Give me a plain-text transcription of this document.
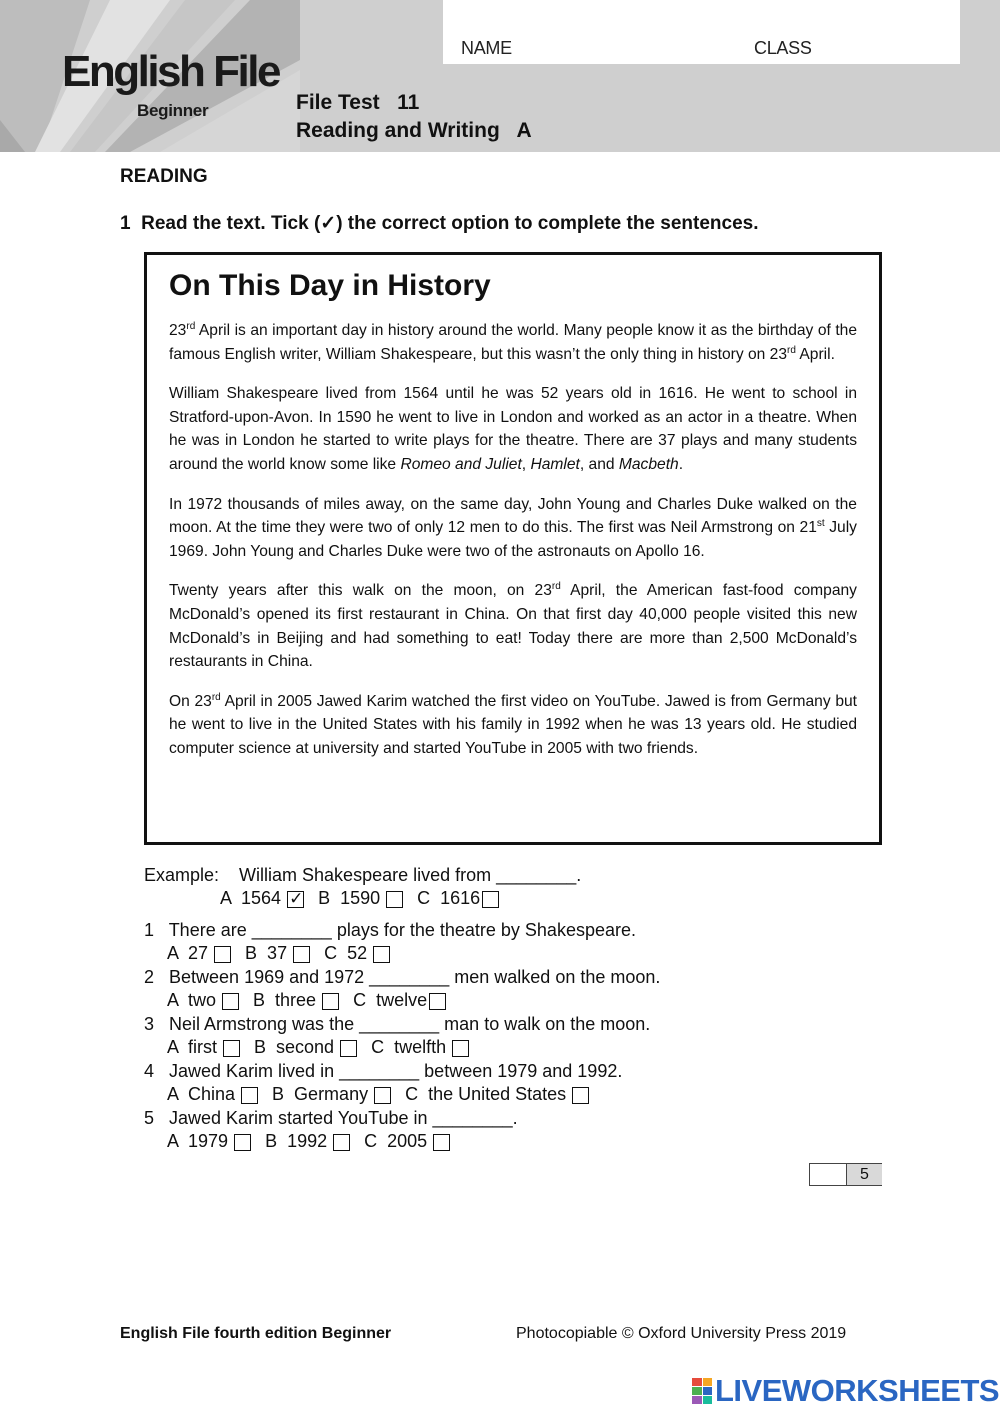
English File
Beginner
NAME	CLASS
File Test   11
Reading and Writing   A
READING
1  Read the text. Tick (✓) the correct option to complete the sentences.
On This Day in History

23rd April is an important day in history around the world. Many people know it as the birthday of the famous English writer, William Shakespeare, but this wasn’t the only thing in history on 23rd April.

William Shakespeare lived from 1564 until he was 52 years old in 1616. He went to school in Stratford-upon-Avon. In 1590 he went to live in London and worked as an actor in a theatre. When he was in London he started to write plays for the theatre. There are 37 plays and many students around the world know some like Romeo and Juliet, Hamlet, and Macbeth.

In 1972 thousands of miles away, on the same day, John Young and Charles Duke walked on the moon. At the time they were two of only 12 men to do this. The first was Neil Armstrong on 21st July 1969. John Young and Charles Duke were two of the astronauts on Apollo 16.

Twenty years after this walk on the moon, on 23rd April, the American fast-food company McDonald’s opened its first restaurant in China. On that first day 40,000 people visited this new McDonald’s in Beijing and had something to eat! Today there are more than 2,500 McDonald’s restaurants in China.

On 23rd April in 2005 Jawed Karim watched the first video on YouTube. Jawed is from Germany but he went to live in the United States with his family in 1992 when he was 13 years old. He studied computer science at university and started YouTube in 2005 with two friends.

Example:    William Shakespeare lived from ________.
A  1564
✓ B  1590 C  1616
1   There are ________ plays for the theatre by Shakespeare.
A  27 B  37 C  52
2   Between 1969 and 1972 ________ men walked on the moon.
A  two B  three C  twelve
3   Neil Armstrong was the ________ man to walk on the moon.
A  first B  second C  twelfth
4   Jawed Karim lived in ________ between 1979 and 1992.
A  China B  Germany C  the United States
5   Jawed Karim started YouTube in ________.
A  1979 B  1992 C  2005
5
English File fourth edition Beginner	Photocopiable © Oxford University Press 2019
LIVEWORKSHEETS
